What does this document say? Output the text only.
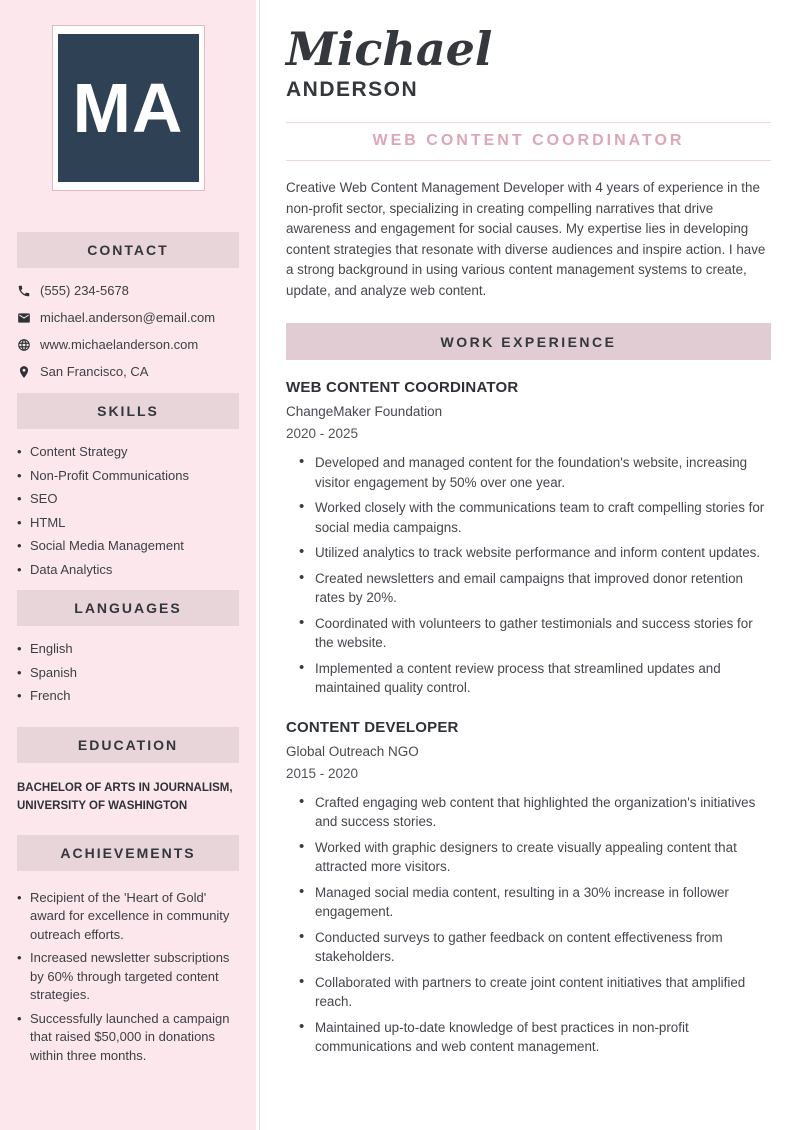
MA
CONTACT
(555) 234-5678
michael.anderson@email.com
www.michaelanderson.com
San Francisco, CA
SKILLS
• Content Strategy
• Non-Profit Communications
• SEO
• HTML
• Social Media Management
• Data Analytics
LANGUAGES
• English
• Spanish
• French
EDUCATION

BACHELOR OF ARTS IN JOURNALISM, UNIVERSITY OF WASHINGTON

ACHIEVEMENTS
• Recipient of the 'Heart of Gold' award for excellence in community outreach efforts.
• Increased newsletter subscriptions by 60% through targeted content strategies.
• Successfully launched a campaign that raised $50,000 in donations within three months.
Michael
ANDERSON
WEB CONTENT COORDINATOR

Creative Web Content Management Developer with 4 years of experience in the non-profit sector, specializing in creating compelling narratives that drive awareness and engagement for social causes. My expertise lies in developing content strategies that resonate with diverse audiences and inspire action. I have a strong background in using various content management systems to create, update, and analyze web content.

WORK EXPERIENCE
WEB CONTENT COORDINATOR
ChangeMaker Foundation
2020 - 2025
• Developed and managed content for the foundation's website, increasing visitor engagement by 50% over one year.
• Worked closely with the communications team to craft compelling stories for social media campaigns.
• Utilized analytics to track website performance and inform content updates.
• Created newsletters and email campaigns that improved donor retention rates by 20%.
• Coordinated with volunteers to gather testimonials and success stories for the website.
• Implemented a content review process that streamlined updates and maintained quality control.
CONTENT DEVELOPER
Global Outreach NGO
2015 - 2020
• Crafted engaging web content that highlighted the organization's initiatives and success stories.
• Worked with graphic designers to create visually appealing content that attracted more visitors.
• Managed social media content, resulting in a 30% increase in follower engagement.
• Conducted surveys to gather feedback on content effectiveness from stakeholders.
• Collaborated with partners to create joint content initiatives that amplified reach.
• Maintained up-to-date knowledge of best practices in non-profit communications and web content management.
